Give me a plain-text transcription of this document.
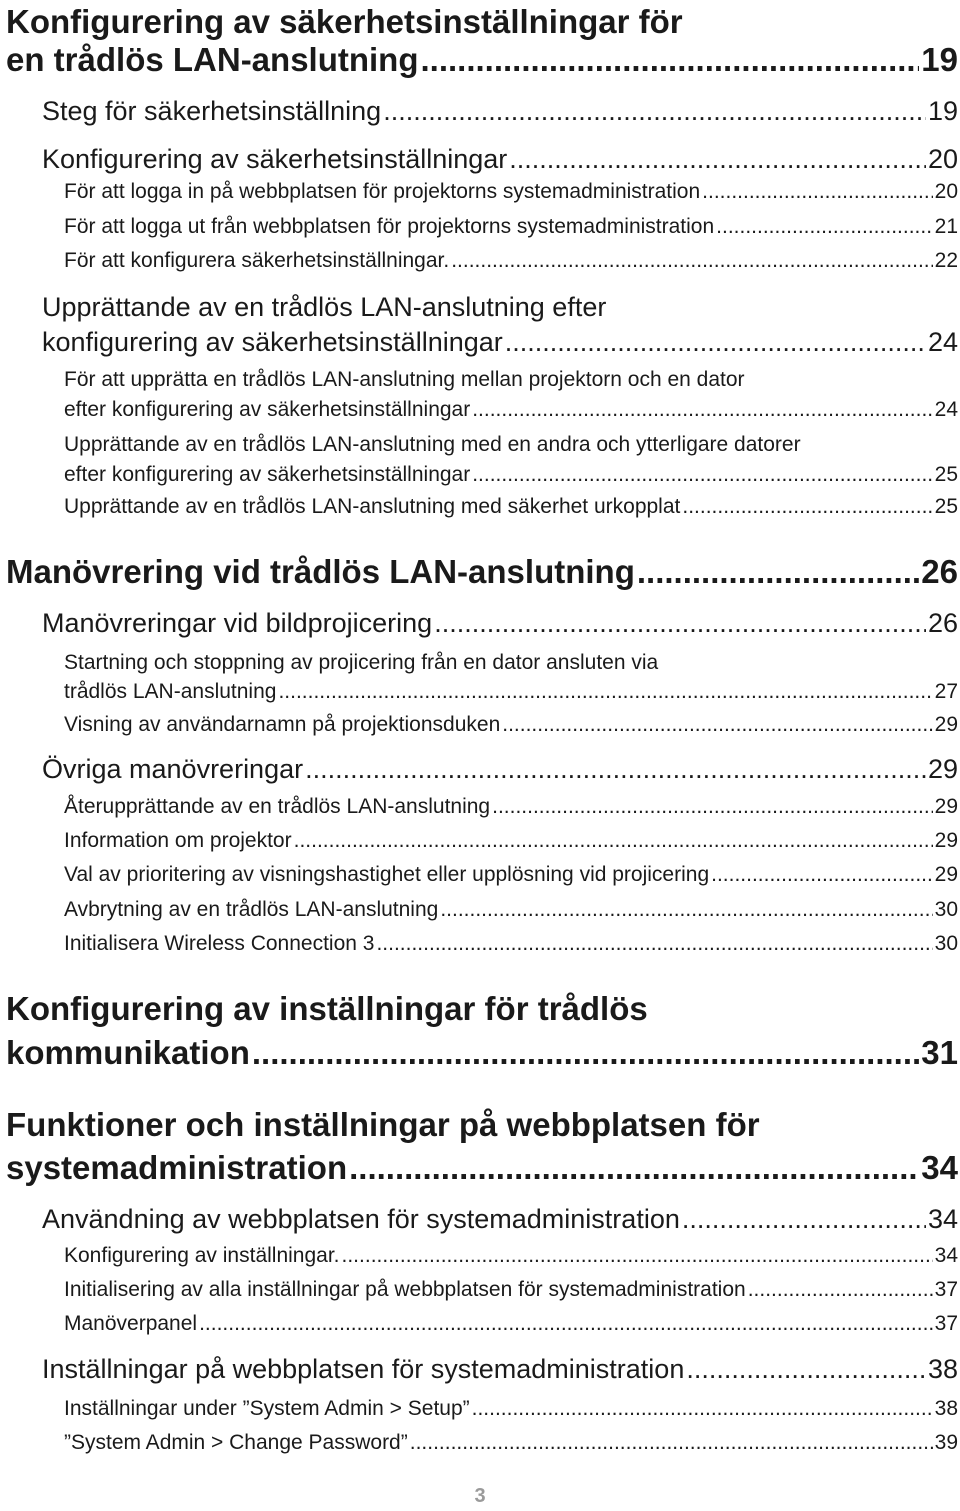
Konfigurering av säkerhetsinställningar för
en trådlös LAN-anslutning .....	19
Steg för säkerhetsinställning .....	19
Konfigurering av säkerhetsinställningar .....	20
För att logga in på webbplatsen för projektorns systemadministration .....	20
För att logga ut från webbplatsen för projektorns systemadministration .....	21
För att konfigurera säkerhetsinställningar. .....	22
Upprättande av en trådlös LAN-anslutning efter
konfigurering av säkerhetsinställningar .....	24
För att upprätta en trådlös LAN-anslutning mellan projektorn och en dator
efter konfigurering av säkerhetsinställningar .....	24
Upprättande av en trådlös LAN-anslutning med en andra och ytterligare datorer
efter konfigurering av säkerhetsinställningar .....	25
Upprättande av en trådlös LAN-anslutning med säkerhet urkopplat .....	25
Manövrering vid trådlös LAN-anslutning .....	26
Manövreringar vid bildprojicering .....	26
Startning och stoppning av projicering från en dator ansluten via
trådlös LAN-anslutning .....	27
Visning av användarnamn på projektionsduken .....	29
Övriga manövreringar .....	29
Återupprättande av en trådlös LAN-anslutning .....	29
Information om projektor .....	29
Val av prioritering av visningshastighet eller upplösning vid projicering .....	29
Avbrytning av en trådlös LAN-anslutning .....	30
Initialisera Wireless Connection 3 .....	30
Konfigurering av inställningar för trådlös
kommunikation .....	31
Funktioner och inställningar på webbplatsen för
systemadministration .....	34
Användning av webbplatsen för systemadministration .....	34
Konfigurering av inställningar. .....	34
Initialisering av alla inställningar på webbplatsen för systemadministration .....	37
Manöverpanel .....	37
Inställningar på webbplatsen för systemadministration .....	38
Inställningar under ”System Admin > Setup” .....	38
”System Admin > Change Password” .....	39
3
